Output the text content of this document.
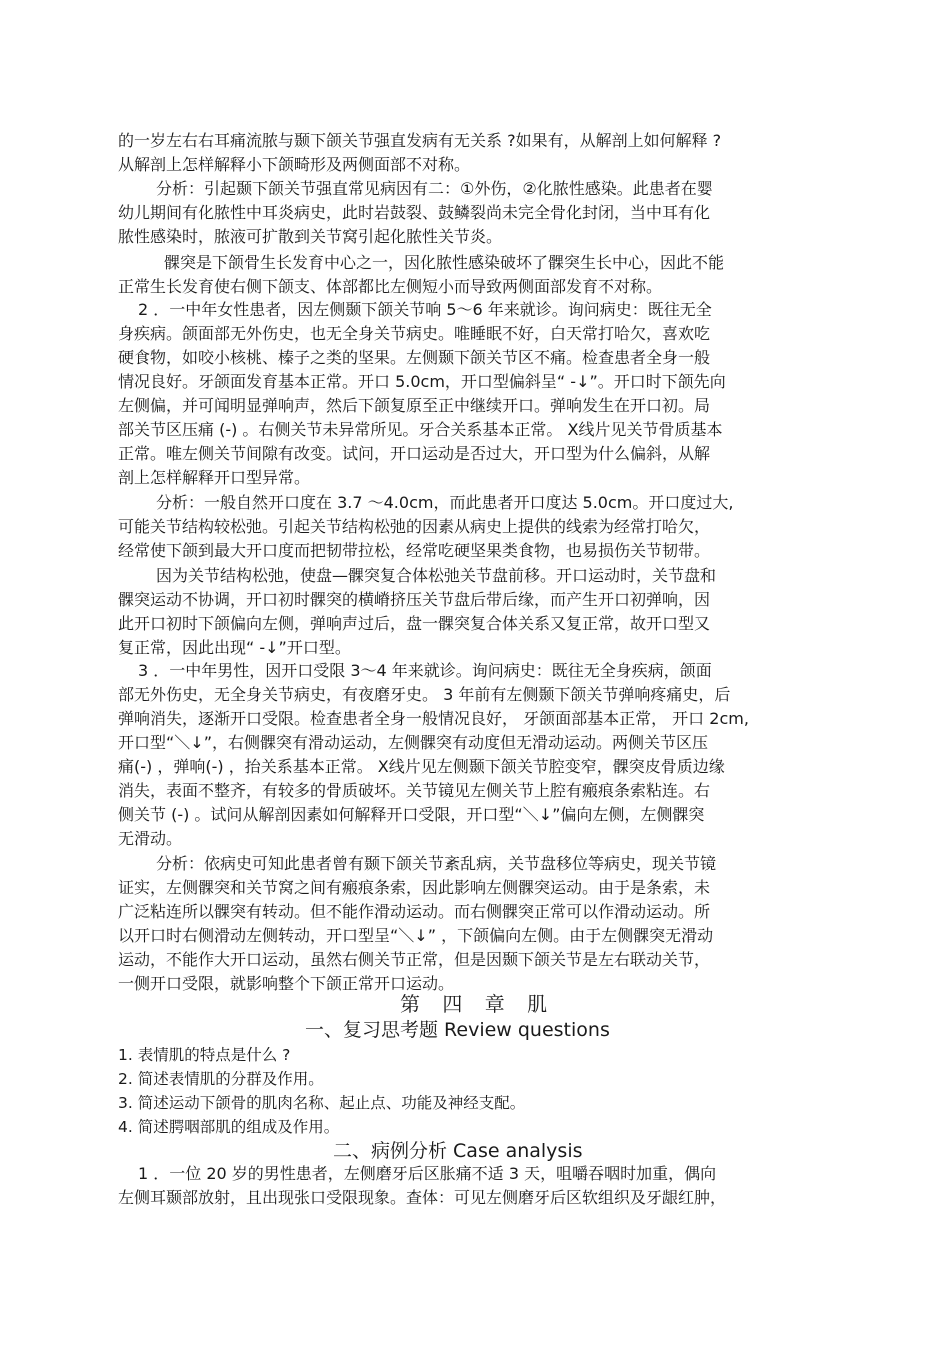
的一岁左右右耳痛流脓与颞下颌关节强直发病有无关系 ?如果有，从解剖上如何解释 ?
从解剖上怎样解释小下颌畸形及两侧面部不对称。
分析：引起颞下颌关节强直常见病因有二：①外伤，②化脓性感染。此患者在婴
幼儿期间有化脓性中耳炎病史，此时岩鼓裂、鼓鳞裂尚未完全骨化封闭，当中耳有化
脓性感染时，脓液可扩散到关节窝引起化脓性关节炎。
髁突是下颌骨生长发育中心之一，因化脓性感染破坏了髁突生长中心，因此不能
正常生长发育使右侧下颌支、体部都比左侧短小而导致两侧面部发育不对称。
2 ．一中年女性患者，因左侧颞下颌关节响 5～6 年来就诊。询问病史：既往无全
身疾病。颌面部无外伤史，也无全身关节病史。唯睡眠不好，白天常打哈欠，喜欢吃
硬食物，如咬小核桃、榛子之类的坚果。左侧颞下颌关节区不痛。检查患者全身一般
情况良好。牙颌面发育基本正常。开口 5.0cm，开口型偏斜呈“ -↓”。开口时下颌先向
左侧偏，并可闻明显弹响声，然后下颌复原至正中继续开口。弹响发生在开口初。局
部关节区压痛 (-) 。右侧关节未异常所见。牙合关系基本正常。 X线片见关节骨质基本
正常。唯左侧关节间隙有改变。试问，开口运动是否过大，开口型为什么偏斜，从解
剖上怎样解释开口型异常。
分析：一般自然开口度在 3.7 ～4.0cm，而此患者开口度达 5.0cm。开口度过大,
可能关节结构较松弛。引起关节结构松弛的因素从病史上提供的线索为经常打哈欠，
经常使下颌到最大开口度而把韧带拉松，经常吃硬坚果类食物，也易损伤关节韧带。
因为关节结构松弛，使盘—髁突复合体松弛关节盘前移。开口运动时，关节盘和
髁突运动不协调，开口初时髁突的横嵴挤压关节盘后带后缘，而产生开口初弹响，因
此开口初时下颌偏向左侧，弹响声过后，盘一髁突复合体关系又复正常，故开口型又
复正常，因此出现“ -↓”开口型。
3 ．一中年男性，因开口受限 3～4 年来就诊。询问病史：既往无全身疾病，颌面
部无外伤史，无全身关节病史，有夜磨牙史。 3 年前有左侧颞下颌关节弹响疼痛史，后
弹响消失，逐渐开口受限。检查患者全身一般情况良好， 牙颌面部基本正常， 开口 2cm,
开口型“＼↓”，右侧髁突有滑动运动，左侧髁突有动度但无滑动运动。两侧关节区压
痛(-) ，弹响(-) ，抬关系基本正常。 X线片见左侧颞下颌关节腔变窄，髁突皮骨质边缘
消失，表面不整齐，有较多的骨质破坏。关节镜见左侧关节上腔有瘢痕条索粘连。右
侧关节 (-) 。试问从解剖因素如何解释开口受限，开口型“＼↓”偏向左侧，左侧髁突
无滑动。
分析：依病史可知此患者曾有颞下颌关节紊乱病，关节盘移位等病史，现关节镜
证实，左侧髁突和关节窝之间有瘢痕条索，因此影响左侧髁突运动。由于是条索，未
广泛粘连所以髁突有转动。但不能作滑动运动。而右侧髁突正常可以作滑动运动。所
以开口时右侧滑动左侧转动，开口型呈“＼↓” ，下颌偏向左侧。由于左侧髁突无滑动
运动，不能作大开口运动，虽然右侧关节正常，但是因颞下颌关节是左右联动关节，
一侧开口受限，就影响整个下颌正常开口运动。
第 四 章 肌
一、复习思考题 Review questions
1. 表情肌的特点是什么 ?
2. 简述表情肌的分群及作用。
3. 简述运动下颌骨的肌肉名称、起止点、功能及神经支配。
4. 简述腭咽部肌的组成及作用。
二、病例分析 Case analysis
1 ．一位 20 岁的男性患者，左侧磨牙后区胀痛不适 3 天，咀嚼吞咽时加重，偶向
左侧耳颞部放射，且出现张口受限现象。查体：可见左侧磨牙后区软组织及牙龈红肿，
